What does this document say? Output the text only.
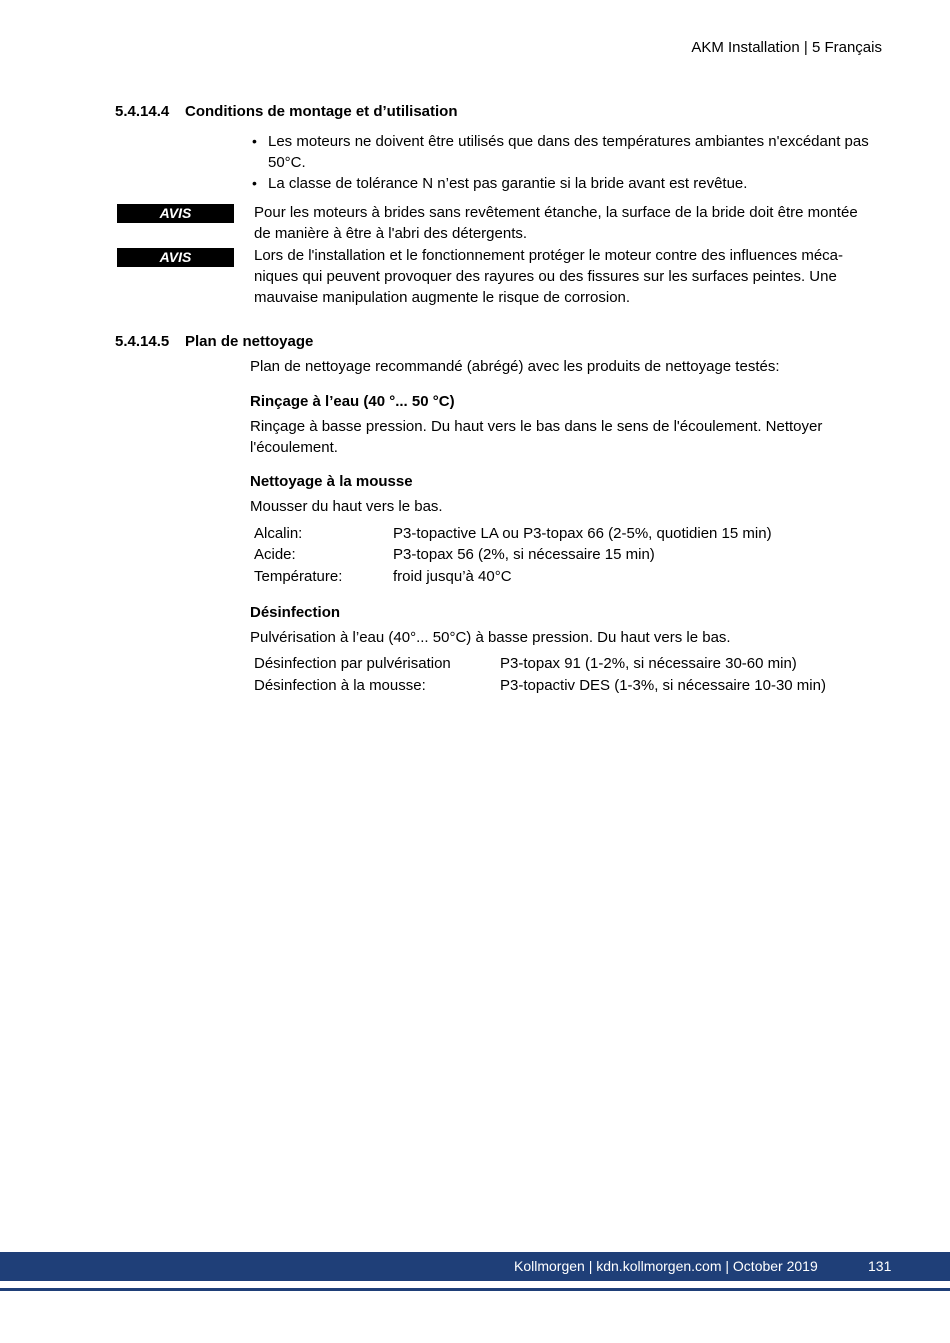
AKM Installation | 5 Français
5.4.14.4 Conditions de montage et d’utilisation
• Les moteurs ne doivent être utilisés que dans des températures ambiantes n'excédant pas 50°C.
• La classe de tolérance N n’est pas garantie si la bride avant est revêtue.
AVIS	Pour les moteurs à brides sans revêtement étanche, la surface de la bride doit être montée de manière à être à l'abri des détergents.
AVIS	Lors de l'installation et le fonctionnement protéger le moteur contre des influences mécaniques qui peuvent provoquer des rayures ou des fissures sur les surfaces peintes. Une mauvaise manipulation augmente le risque de corrosion.
5.4.14.5 Plan de nettoyage
Plan de nettoyage recommandé (abrégé) avec les produits de nettoyage testés:
Rinçage à l’eau (40 °... 50 °C)
Rinçage à basse pression. Du haut vers le bas dans le sens de l'écoulement. Nettoyer l'écoulement.
Nettoyage à la mousse
Mousser du haut vers le bas.
Alcalin:	P3-topactive LA ou P3-topax 66 (2-5%, quotidien 15 min)
Acide:	P3-topax 56 (2%, si nécessaire 15 min)
Température:	froid jusqu’à 40°C
Désinfection
Pulvérisation à l’eau (40°... 50°C) à basse pression. Du haut vers le bas.
Désinfection par pulvérisation	P3-topax 91 (1-2%, si nécessaire 30-60 min)
Désinfection à la mousse:	P3-topactiv DES (1-3%, si nécessaire 10-30 min)
Kollmorgen | kdn.kollmorgen.com | October 2019	131
